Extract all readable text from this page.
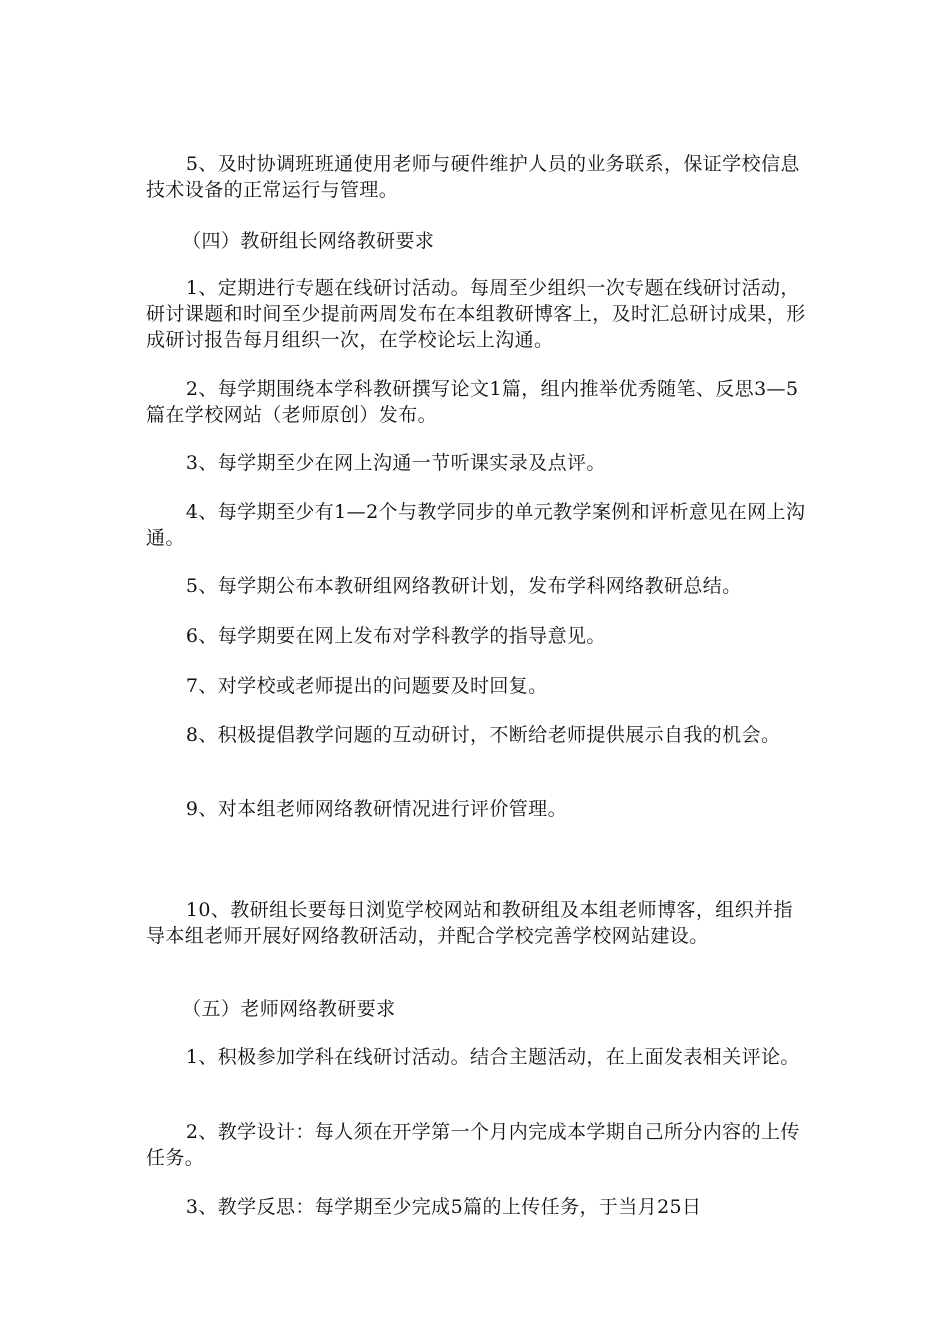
5、及时协调班班通使用老师与硬件维护人员的业务联系，保证学校信息技术设备的正常运行与管理。

（四）教研组长网络教研要求

1、定期进行专题在线研讨活动。每周至少组织一次专题在线研讨活动，研讨课题和时间至少提前两周发布在本组教研博客上，及时汇总研讨成果，形成研讨报告每月组织一次，在学校论坛上沟通。

2、每学期围绕本学科教研撰写论文1篇，组内推举优秀随笔、反思3—5篇在学校网站（老师原创）发布。

3、每学期至少在网上沟通一节听课实录及点评。

4、每学期至少有1—2个与教学同步的单元教学案例和评析意见在网上沟通。

5、每学期公布本教研组网络教研计划，发布学科网络教研总结。

6、每学期要在网上发布对学科教学的指导意见。

7、对学校或老师提出的问题要及时回复。

8、积极提倡教学问题的互动研讨，不断给老师提供展示自我的机会。

9、对本组老师网络教研情况进行评价管理。

10、教研组长要每日浏览学校网站和教研组及本组老师博客，组织并指导本组老师开展好网络教研活动，并配合学校完善学校网站建设。

（五）老师网络教研要求

1、积极参加学科在线研讨活动。结合主题活动，在上面发表相关评论。

2、教学设计：每人须在开学第一个月内完成本学期自己所分内容的上传任务。

3、教学反思：每学期至少完成5篇的上传任务，于当月25日
